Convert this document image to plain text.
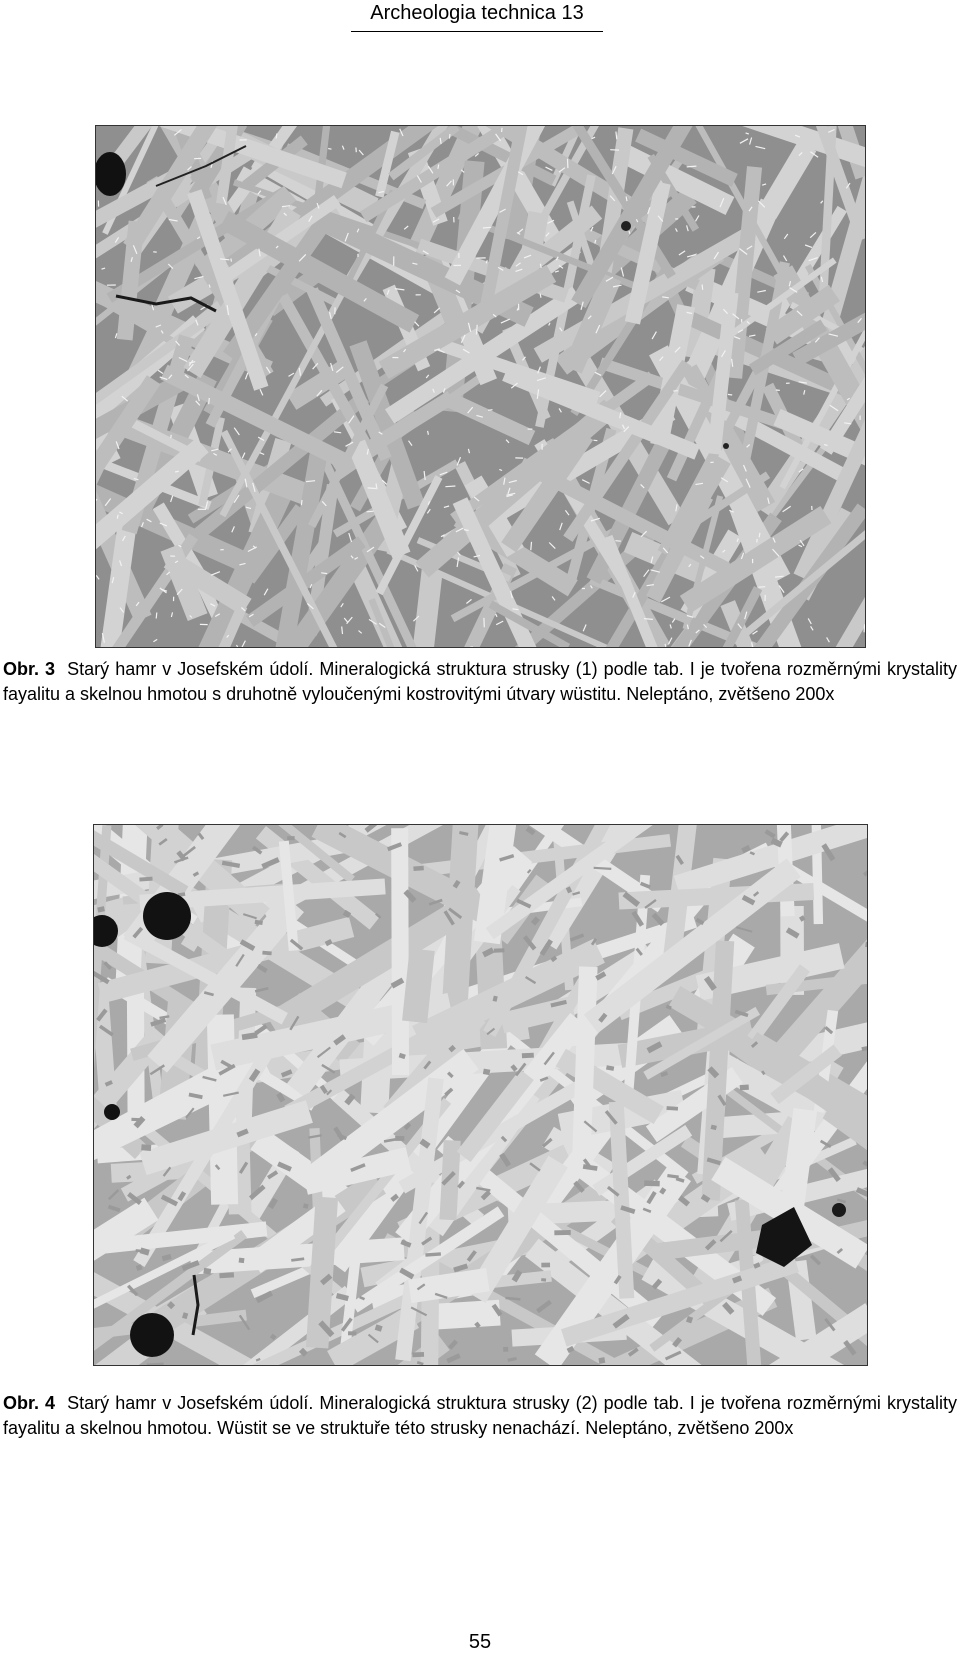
Archeologia technica 13
Obr. 3 Starý hamr v Josefském údolí. Mineralogická struktura strusky (1) podle tab. I je tvořena rozměrnými krystality fayalitu a skelnou hmotou s druhotně vyloučenými kostrovitými útvary wüstitu. Neleptáno, zvětšeno 200x
Obr. 4 Starý hamr v Josefském údolí. Mineralogická struktura strusky (2) podle tab. I je tvořena rozměrnými krystality fayalitu a skelnou hmotou. Wüstit se ve struktuře této strusky nenachází. Neleptáno, zvětšeno 200x
55
